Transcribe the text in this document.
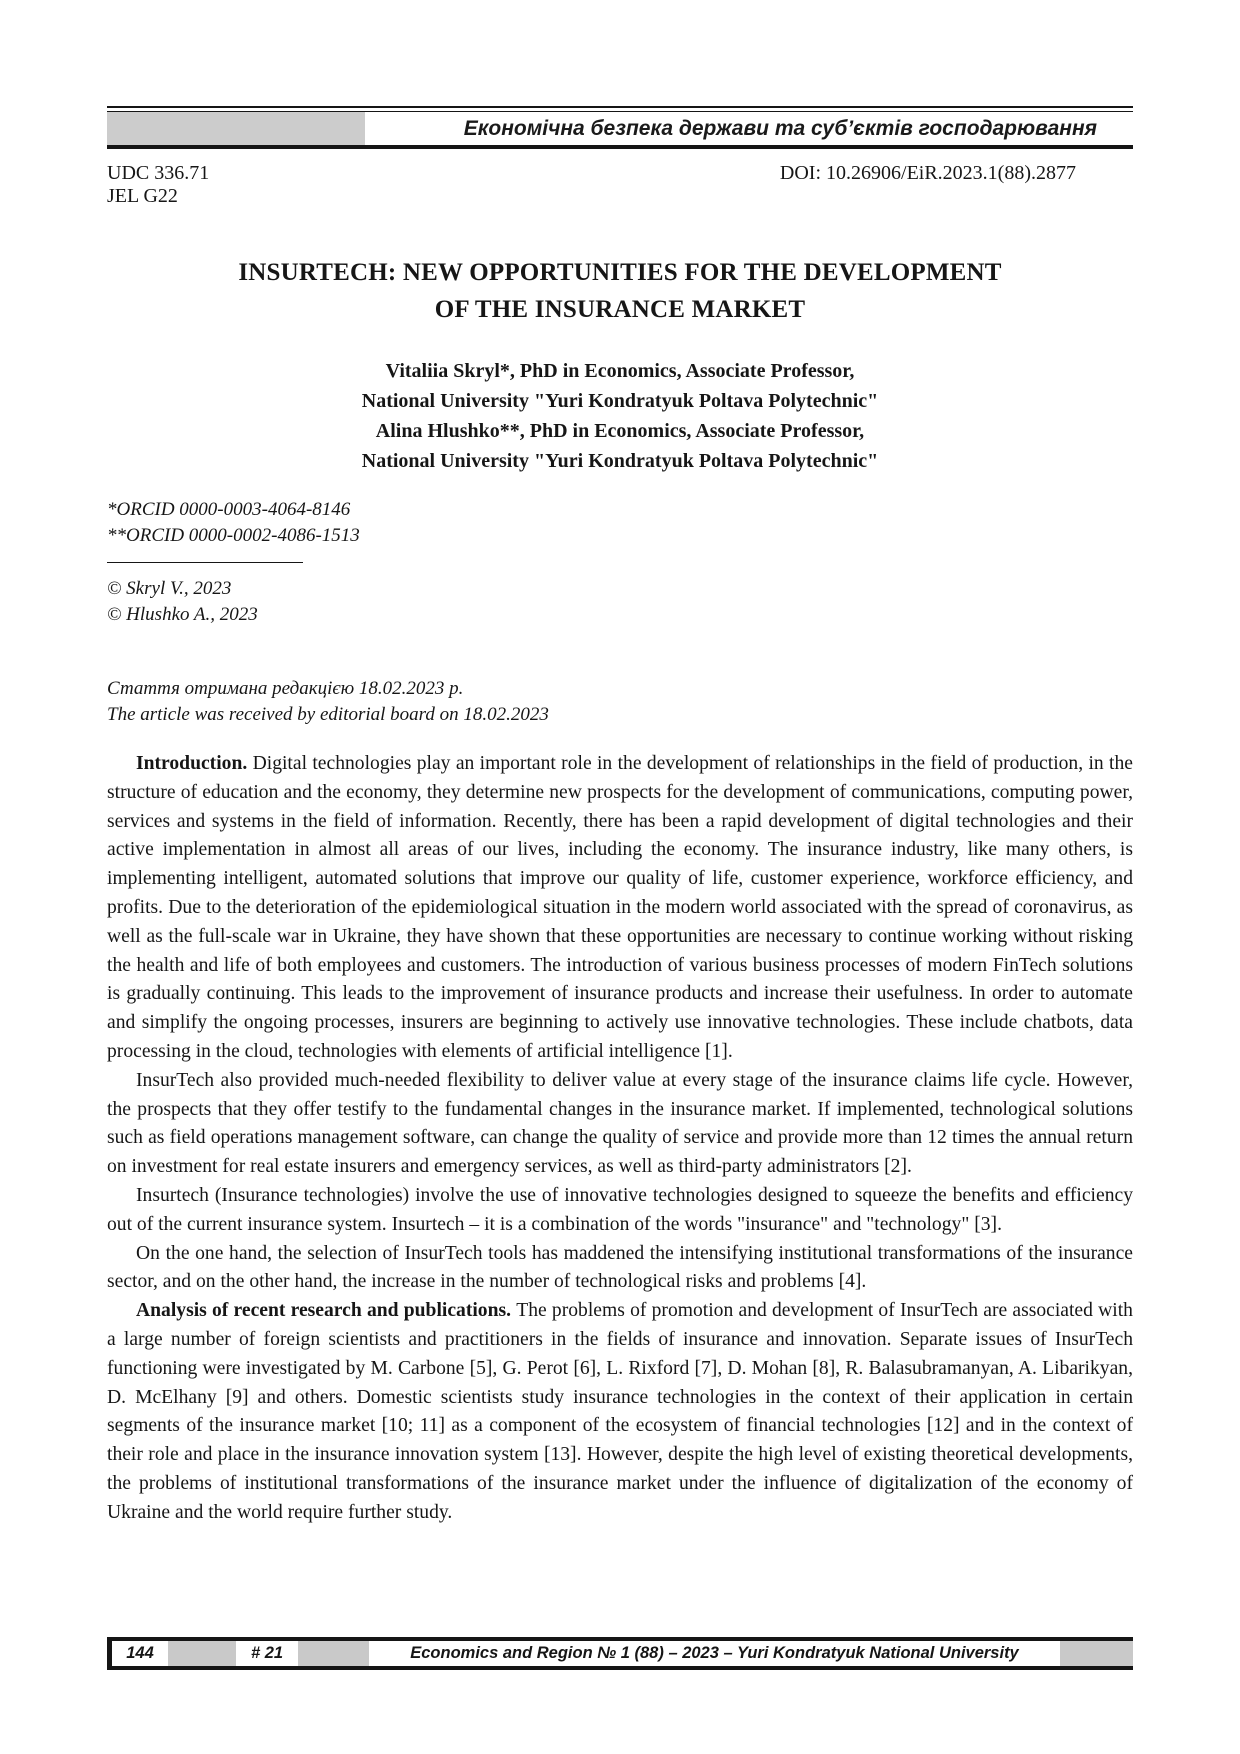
Економічна безпека держави та суб’єктів господарювання
UDC 336.71	DOI: 10.26906/EiR.2023.1(88).2877
JEL G22
INSURTECH: NEW OPPORTUNITIES FOR THE DEVELOPMENT
OF THE INSURANCE MARKET
Vitaliia Skryl*, PhD in Economics, Associate Professor,
National University "Yuri Kondratyuk Poltava Polytechnic"
Alina Hlushko**, PhD in Economics, Associate Professor,
National University "Yuri Kondratyuk Poltava Polytechnic"
*ORCID 0000-0003-4064-8146
**ORCID 0000-0002-4086-1513
© Skryl V., 2023
© Hlushko A., 2023
Стаття отримана редакцією 18.02.2023 р.
The article was received by editorial board on 18.02.2023

Introduction. Digital technologies play an important role in the development of relationships in the field of production, in the structure of education and the economy, they determine new prospects for the development of communications, computing power, services and systems in the field of information. Recently, there has been a rapid development of digital technologies and their active implementation in almost all areas of our lives, including the economy. The insurance industry, like many others, is implementing intelligent, automated solutions that improve our quality of life, customer experience, workforce efficiency, and profits. Due to the deterioration of the epidemiological situation in the modern world associated with the spread of coronavirus, as well as the full-scale war in Ukraine, they have shown that these opportunities are necessary to continue working without risking the health and life of both employees and customers. The introduction of various business processes of modern FinTech solutions is gradually continuing. This leads to the improvement of insurance products and increase their usefulness. In order to automate and simplify the ongoing processes, insurers are beginning to actively use innovative technologies. These include chatbots, data processing in the cloud, technologies with elements of artificial intelligence [1].

InsurTech also provided much-needed flexibility to deliver value at every stage of the insurance claims life cycle. However, the prospects that they offer testify to the fundamental changes in the insurance market. If implemented, technological solutions such as field operations management software, can change the quality of service and provide more than 12 times the annual return on investment for real estate insurers and emergency services, as well as third-party administrators [2].

Insurtech (Insurance technologies) involve the use of innovative technologies designed to squeeze the benefits and efficiency out of the current insurance system. Insurtech – it is a combination of the words "insurance" and "technology" [3].

On the one hand, the selection of InsurTech tools has maddened the intensifying institutional transformations of the insurance sector, and on the other hand, the increase in the number of technological risks and problems [4].

Analysis of recent research and publications. The problems of promotion and development of InsurTech are associated with a large number of foreign scientists and practitioners in the fields of insurance and innovation. Separate issues of InsurTech functioning were investigated by M. Carbone [5], G. Perot [6], L. Rixford [7], D. Mohan [8], R. Balasubramanyan, A. Libarikyan, D. McElhany [9] and others. Domestic scientists study insurance technologies in the context of their application in certain segments of the insurance market [10; 11] as a component of the ecosystem of financial technologies [12] and in the context of their role and place in the insurance innovation system [13]. However, despite the high level of existing theoretical developments, the problems of institutional transformations of the insurance market under the influence of digitalization of the economy of Ukraine and the world require further study.

144	# 21	Economics and Region № 1 (88) – 2023 – Yuri Kondratyuk National University
